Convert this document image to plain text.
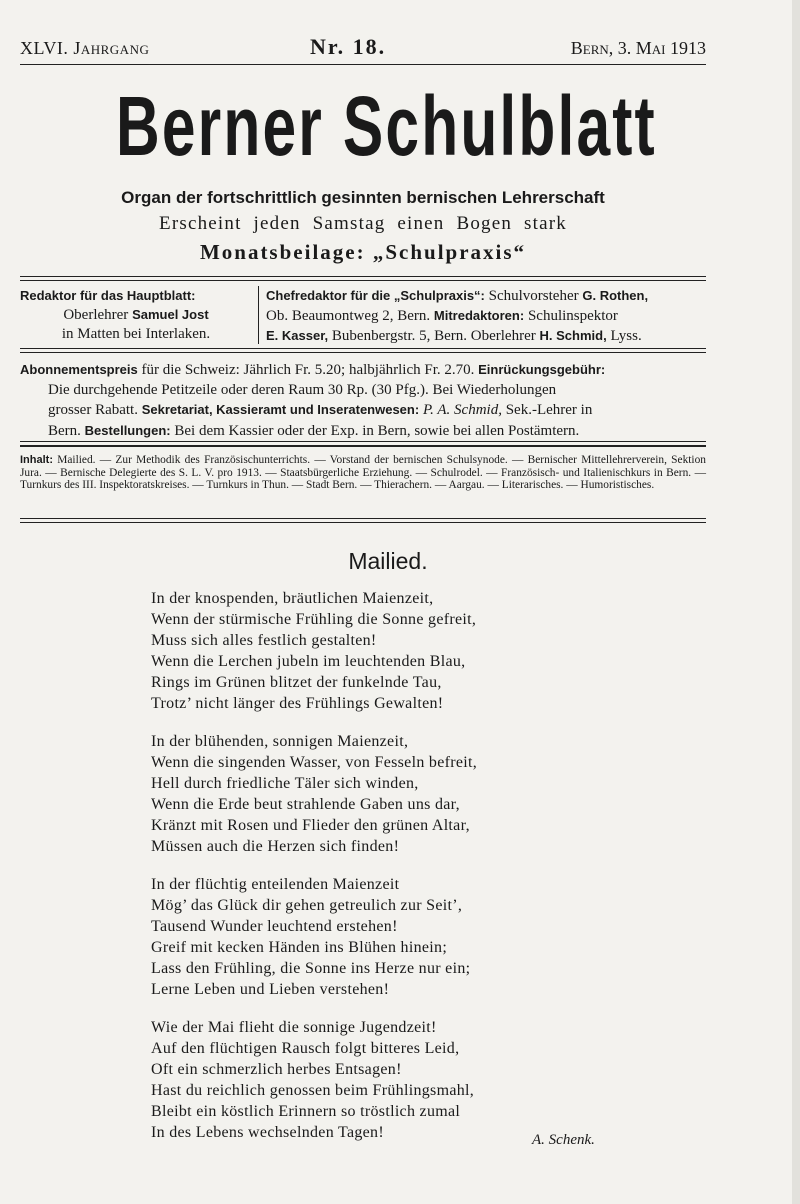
XLVI. Jahrgang	Nr. 18.	Bern, 3. Mai 1913
Berner Schulblatt
Organ der fortschrittlich gesinnten bernischen Lehrerschaft
Erscheint jeden Samstag einen Bogen stark
Monatsbeilage: „Schulpraxis“
Redaktor für das Hauptblatt:
Oberlehrer Samuel Jost
in Matten bei Interlaken.
Chefredaktor für die „Schulpraxis“: Schulvorsteher G. Rothen,
Ob. Beaumontweg 2, Bern. Mitredaktoren: Schulinspektor
E. Kasser, Bubenbergstr. 5, Bern. Oberlehrer H. Schmid, Lyss.

Abonnementspreis für die Schweiz: Jährlich Fr. 5.20; halbjährlich Fr. 2.70. Einrückungsgebühr:

Die durchgehende Petitzeile oder deren Raum 30 Rp. (30 Pfg.). Bei Wiederholungen

grosser Rabatt. Sekretariat, Kassieramt und Inseratenwesen: P. A. Schmid, Sek.-Lehrer in

Bern. Bestellungen: Bei dem Kassier oder der Exp. in Bern, sowie bei allen Postämtern.

Inhalt: Mailied. — Zur Methodik des Französischunterrichts. — Vorstand der bernischen Schulsynode. — Bernischer Mittellehrerverein, Sektion Jura. — Bernische Delegierte des S. L. V. pro 1913. — Staatsbürgerliche Erziehung. — Schulrodel. — Französisch- und Italienischkurs in Bern. — Turnkurs des III. Inspektoratskreises. — Turnkurs in Thun. — Stadt Bern. — Thierachern. — Aargau. — Literarisches. — Humoristisches.
Mailied.
In der knospenden, bräutlichen Maienzeit,
Wenn der stürmische Frühling die Sonne gefreit,
Muss sich alles festlich gestalten!
Wenn die Lerchen jubeln im leuchtenden Blau,
Rings im Grünen blitzet der funkelnde Tau,
Trotz’ nicht länger des Frühlings Gewalten!
In der blühenden, sonnigen Maienzeit,
Wenn die singenden Wasser, von Fesseln befreit,
Hell durch friedliche Täler sich winden,
Wenn die Erde beut strahlende Gaben uns dar,
Kränzt mit Rosen und Flieder den grünen Altar,
Müssen auch die Herzen sich finden!
In der flüchtig enteilenden Maienzeit
Mög’ das Glück dir gehen getreulich zur Seit’,
Tausend Wunder leuchtend erstehen!
Greif mit kecken Händen ins Blühen hinein;
Lass den Frühling, die Sonne ins Herze nur ein;
Lerne Leben und Lieben verstehen!
Wie der Mai flieht die sonnige Jugendzeit!
Auf den flüchtigen Rausch folgt bitteres Leid,
Oft ein schmerzlich herbes Entsagen!
Hast du reichlich genossen beim Frühlingsmahl,
Bleibt ein köstlich Erinnern so tröstlich zumal
In des Lebens wechselnden Tagen!	A. Schenk.
